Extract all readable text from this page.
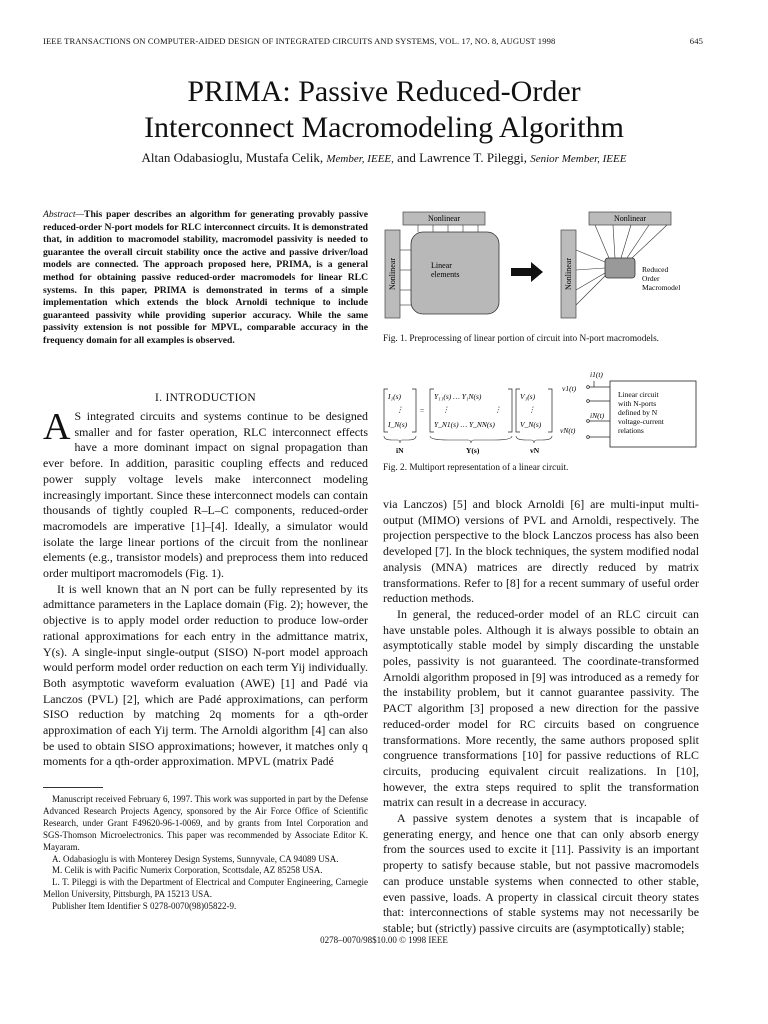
IEEE TRANSACTIONS ON COMPUTER-AIDED DESIGN OF INTEGRATED CIRCUITS AND SYSTEMS, VOL. 17, NO. 8, AUGUST 1998	645
PRIMA: Passive Reduced-Order
Interconnect Macromodeling Algorithm
Altan Odabasioglu, Mustafa Celik, Member, IEEE, and Lawrence T. Pileggi, Senior Member, IEEE
Abstract—This paper describes an algorithm for generating provably passive reduced-order N-port models for RLC interconnect circuits. It is demonstrated that, in addition to macromodel stability, macromodel passivity is needed to guarantee the overall circuit stability once the active and passive driver/load models are connected. The approach proposed here, PRIMA, is a general method for obtaining passive reduced-order macromodels for linear RLC systems. In this paper, PRIMA is demonstrated in terms of a simple implementation which extends the block Arnoldi technique to include guaranteed passivity while providing superior accuracy. While the same passivity extension is not possible for MPVL, comparable accuracy in the frequency domain for all examples is observed.
I. INTRODUCTION

A S integrated circuits and systems continue to be designed smaller and for faster operation, RLC interconnect effects have a more dominant impact on signal propagation than ever before. In addition, parasitic coupling effects and reduced power supply voltage levels make interconnect modeling increasingly important. Since these interconnect models can contain thousands of tightly coupled R–L–C components, reduced-order macromodels are imperative [1]–[4]. Ideally, a simulator would isolate the large linear portions of the circuit from the nonlinear elements (e.g., transistor models) and preprocess them into reduced order multiport macromodels (Fig. 1).

It is well known that an N port can be fully represented by its admittance parameters in the Laplace domain (Fig. 2); however, the objective is to apply model order reduction to produce low-order rational approximations for each entry in the admittance matrix, Y(s). A single-input single-output (SISO) N-port model approach would perform model order reduction on each term Yij individually. Both asymptotic waveform evaluation (AWE) [1] and Padé via Lanczos (PVL) [2], which are Padé approximations, can perform SISO reduction by matching 2q moments for a qth-order approximation of each Yij term. The Arnoldi algorithm [4] can also be used to obtain SISO approximations; however, it matches only q moments for a qth-order approximation. MPVL (matrix Padé

Manuscript received February 6, 1997. This work was supported in part by the Defense Advanced Research Projects Agency, sponsored by the Air Force Office of Scientific Research, under Grant F49620-96-1-0069, and by grants from Intel Corporation and SGS-Thomson Microelectronics. This paper was recommended by Associate Editor K. Mayaram.

A. Odabasioglu is with Monterey Design Systems, Sunnyvale, CA 94089 USA.

M. Celik is with Pacific Numerix Corporation, Scottsdale, AZ 85258 USA.

L. T. Pileggi is with the Department of Electrical and Computer Engineering, Carnegie Mellon University, Pittsburgh, PA 15213 USA.

Publisher Item Identifier S 0278-0070(98)05822-9.

Nonlinear
Nonlinear	Linear
elements
Nonlinear
Nonlinear	Reduced
Order
Macromodel
Fig. 1. Preprocessing of linear portion of circuit into N-port macromodels.
I₁(s)
⋮
I_N(s)
=
Y₁₁(s) … Y₁N(s)
⋮	⋮
Y_N1(s) … Y_NN(s)
V₁(s)
⋮
V_N(s)
iN	Y(s)	vN
Linear circuit
with N-ports
defined by N
voltage-current
relations
i1(t)
v1(t)
iN(t)
vN(t)
Fig. 2. Multiport representation of a linear circuit.

via Lanczos) [5] and block Arnoldi [6] are multi-input multi-output (MIMO) versions of PVL and Arnoldi, respectively. The projection perspective to the block Lanczos process has also been developed [7]. In the block techniques, the system modified nodal analysis (MNA) matrices are directly reduced by matrix transformations. Refer to [8] for a recent summary of useful order reduction methods.

In general, the reduced-order model of an RLC circuit can have unstable poles. Although it is always possible to obtain an asymptotically stable model by simply discarding the unstable poles, passivity is not guaranteed. The coordinate-transformed Arnoldi algorithm proposed in [9] was introduced as a remedy for the instability problem, but it cannot guarantee passivity. The PACT algorithm [3] proposed a new direction for the passive reduced-order model for RC circuits based on congruence transformations. More recently, the same authors proposed split congruence transformations [10] for passive reductions of RLC circuits, producing equivalent circuit realizations. In [10], however, the extra steps required to split the transformation matrix can result in a decrease in accuracy.

A passive system denotes a system that is incapable of generating energy, and hence one that can only absorb energy from the sources used to excite it [11]. Passivity is an important property to satisfy because stable, but not passive macromodels can produce unstable systems when connected to other stable, even passive, loads. A property in classical circuit theory states that: interconnections of stable systems may not necessarily be stable; but (strictly) passive circuits are (asymptotically) stable;

0278–0070/98$10.00 © 1998 IEEE
